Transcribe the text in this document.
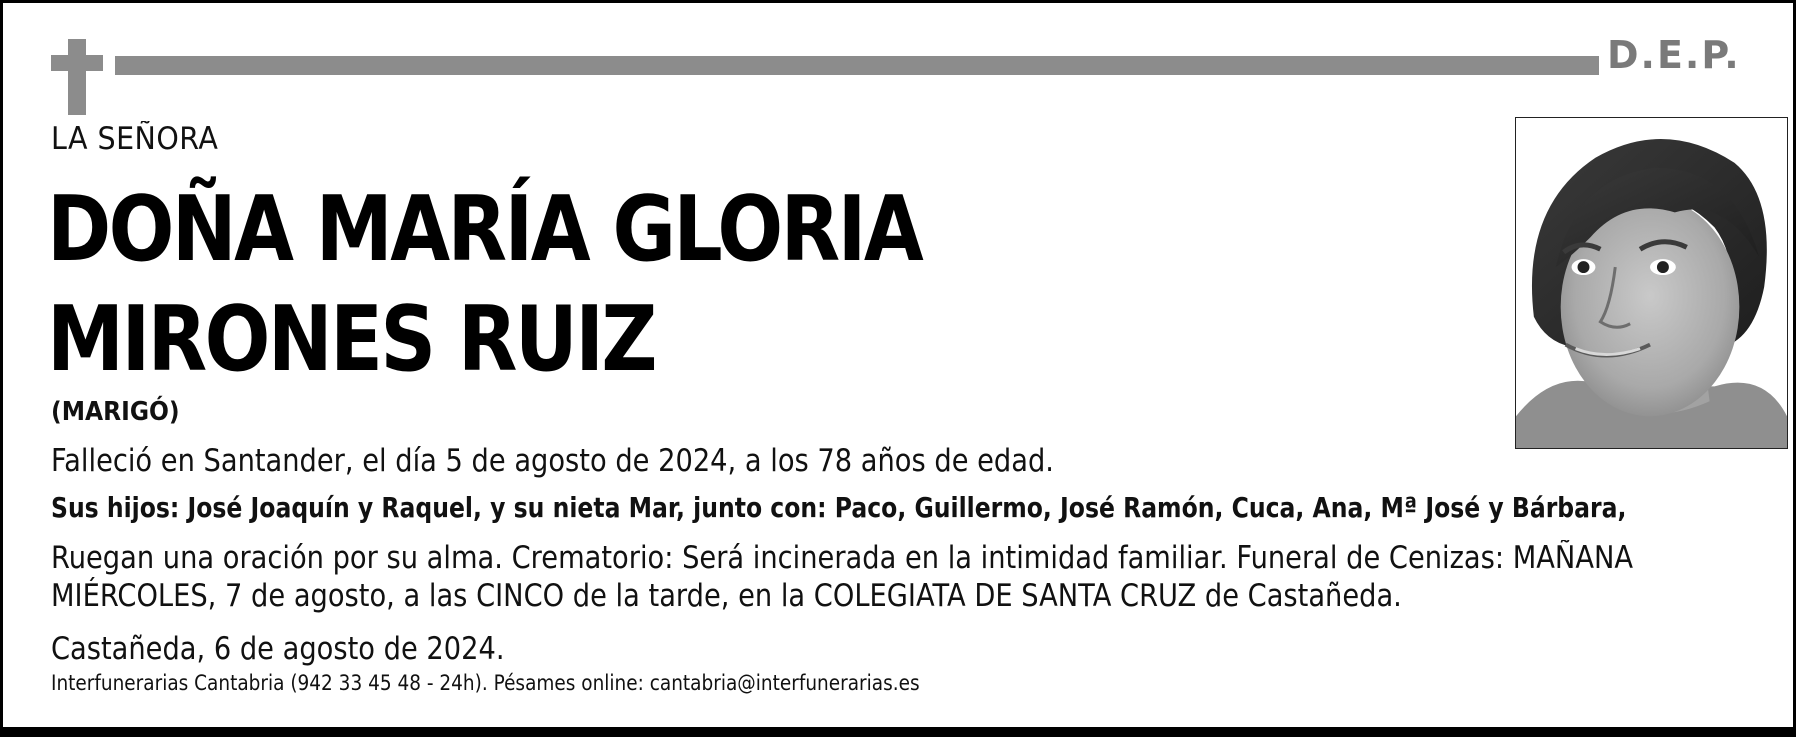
D.E.P.
LA SEÑORA
DOÑA MARÍA GLORIA
MIRONES RUIZ
(MARIGÓ)
Falleció en Santander, el día 5 de agosto de 2024, a los 78 años de edad.
Sus hijos: José Joaquín y Raquel, y su nieta Mar, junto con: Paco, Guillermo, José Ramón, Cuca, Ana, Mª José y Bárbara,
Ruegan una oración por su alma. Crematorio: Será incinerada en la intimidad familiar. Funeral de Cenizas: MAÑANA MIÉRCOLES, 7 de agosto, a las CINCO de la tarde, en la COLEGIATA DE SANTA CRUZ de Castañeda.
Castañeda, 6 de agosto de 2024.
Interfunerarias Cantabria (942 33 45 48 - 24h). Pésames online: cantabria@interfunerarias.es
